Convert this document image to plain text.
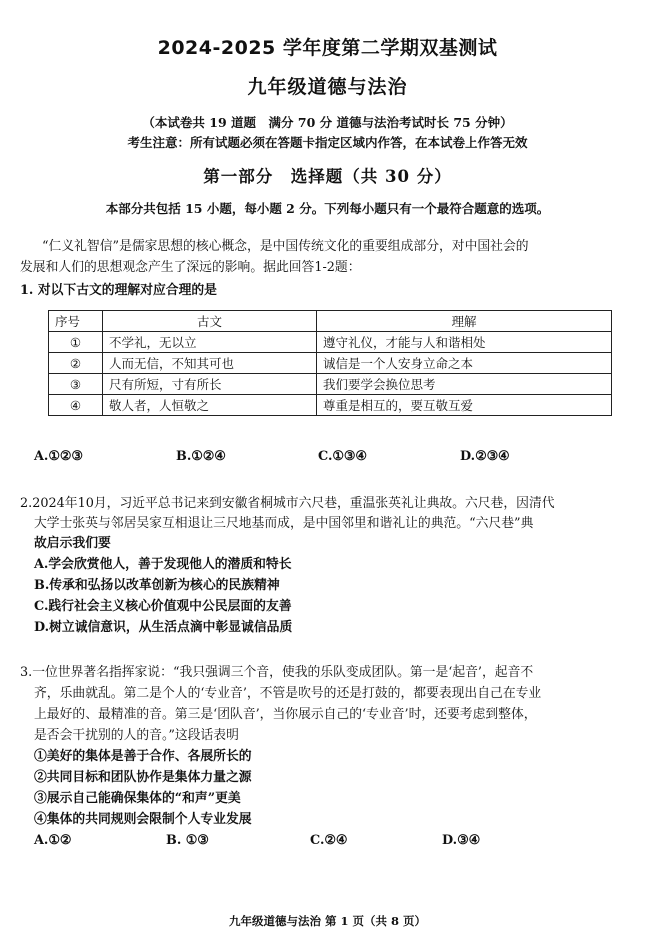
2024-2025 学年度第二学期双基测试
九年级道德与法治
（本试卷共 19 道题　满分 70 分 道德与法治考试时长 75 分钟）
考生注意：所有试题必须在答题卡指定区域内作答，在本试卷上作答无效
第一部分　选择题（共 30 分）
本部分共包括 15 小题，每小题 2 分。下列每小题只有一个最符合题意的选项。
“仁义礼智信”是儒家思想的核心概念，是中国传统文化的重要组成部分，对中国社会的
发展和人们的思想观念产生了深远的影响。据此回答1-2题：
1. 对以下古文的理解对应合理的是
序号	古文	理解
①	不学礼，无以立	遵守礼仪，才能与人和谐相处
②	人而无信，不知其可也	诚信是一个人安身立命之本
③	尺有所短，寸有所长	我们要学会换位思考
④	敬人者，人恒敬之	尊重是相互的，要互敬互爱
A.①②③	B.①②④	C.①③④	D.②③④
2.2024年10月，习近平总书记来到安徽省桐城市六尺巷，重温张英礼让典故。六尺巷，因清代
大学士张英与邻居吴家互相退让三尺地基而成，是中国邻里和谐礼让的典范。“六尺巷”典
故启示我们要
A.学会欣赏他人，善于发现他人的潜质和特长
B.传承和弘扬以改革创新为核心的民族精神
C.践行社会主义核心价值观中公民层面的友善
D.树立诚信意识，从生活点滴中彰显诚信品质
3.一位世界著名指挥家说：“我只强调三个音，使我的乐队变成团队。第一是‘起音’，起音不
齐，乐曲就乱。第二是个人的‘专业音’，不管是吹号的还是打鼓的，都要表现出自己在专业
上最好的、最精准的音。第三是‘团队音’，当你展示自己的‘专业音’时，还要考虑到整体，
是否会干扰别的人的音。”这段话表明
①美好的集体是善于合作、各展所长的
②共同目标和团队协作是集体力量之源
③展示自己能确保集体的“和声”更美
④集体的共同规则会限制个人专业发展
A.①②	B. ①③	C.②④	D.③④
九年级道德与法治 第 1 页（共 8 页）
